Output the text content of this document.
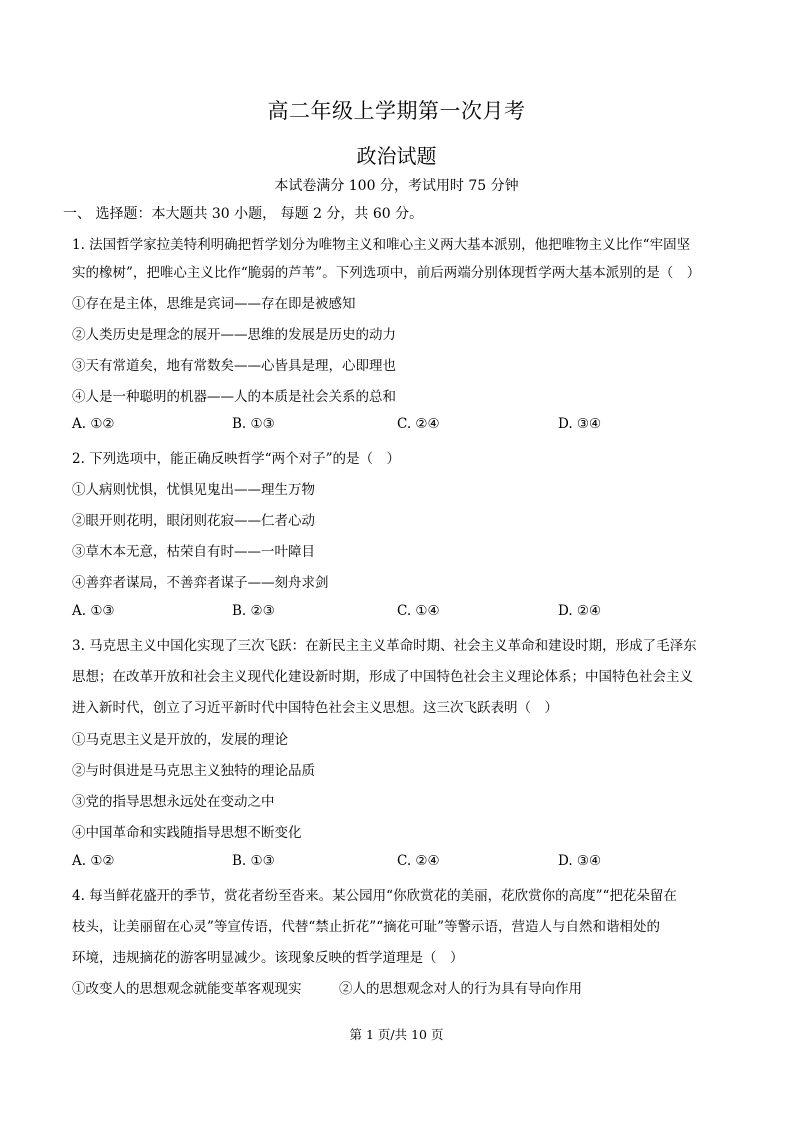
高二年级上学期第一次月考
政治试题
本试卷满分 100 分，考试用时 75 分钟
一、 选择题：本大题共 30 小题， 每题 2 分，共 60 分。
1. 法国哲学家拉美特利明确把哲学划分为唯物主义和唯心主义两大基本派别，他把唯物主义比作“牢固坚
实的橡树”，把唯心主义比作“脆弱的芦苇”。下列选项中，前后两端分别体现哲学两大基本派别的是（　）
①存在是主体，思维是宾词——存在即是被感知
②人类历史是理念的展开——思维的发展是历史的动力
③天有常道矣，地有常数矣——心皆具是理，心即理也
④人是一种聪明的机器——人的本质是社会关系的总和
A. ①②	B. ①③	C. ②④	D. ③④
2. 下列选项中，能正确反映哲学“两个对子”的是（　）
①人病则忧惧，忧惧见鬼出——理生万物
②眼开则花明，眼闭则花寂——仁者心动
③草木本无意，枯荣自有时——一叶障目
④善弈者谋局，不善弈者谋子——刻舟求剑
A. ①③	B. ②③	C. ①④	D. ②④
3. 马克思主义中国化实现了三次飞跃：在新民主主义革命时期、社会主义革命和建设时期，形成了毛泽东
思想；在改革开放和社会主义现代化建设新时期，形成了中国特色社会主义理论体系；中国特色社会主义
进入新时代，创立了习近平新时代中国特色社会主义思想。这三次飞跃表明（　）
①马克思主义是开放的，发展的理论
②与时俱进是马克思主义独特的理论品质
③党的指导思想永远处在变动之中
④中国革命和实践随指导思想不断变化
A. ①②	B. ①③	C. ②④	D. ③④
4. 每当鲜花盛开的季节，赏花者纷至沓来。某公园用“你欣赏花的美丽，花欣赏你的高度”“把花朵留在
枝头，让美丽留在心灵”等宣传语，代替“禁止折花”“摘花可耻”等警示语，营造人与自然和谐相处的
环境，违规摘花的游客明显减少。该现象反映的哲学道理是（　）
①改变人的思想观念就能变革客观现实	②人的思想观念对人的行为具有导向作用
第 1 页/共 10 页
